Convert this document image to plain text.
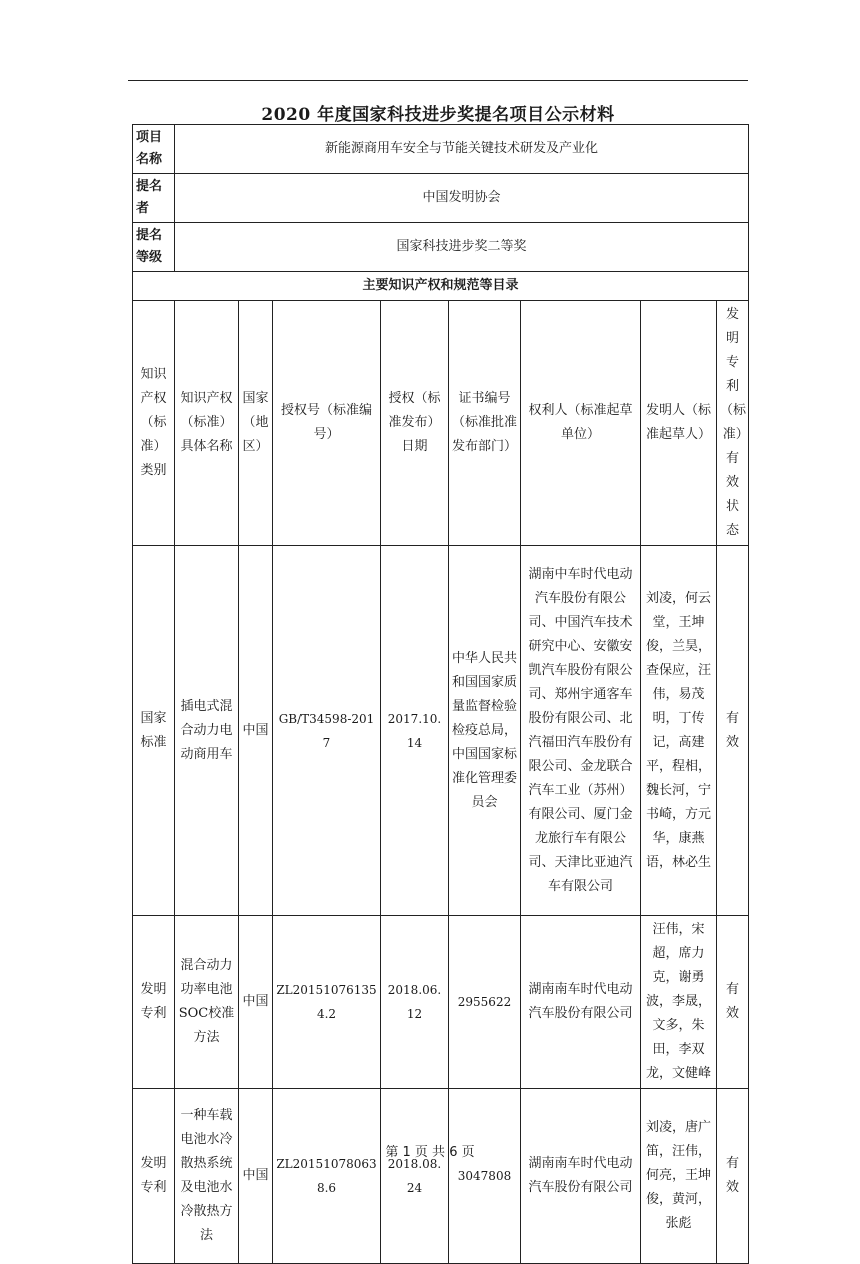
2020 年度国家科技进步奖提名项目公示材料
项目名称	新能源商用车安全与节能关键技术研发及产业化							
提名者	中国发明协会							
提名等级	国家科技进步奖二等奖							
主要知识产权和规范等目录								
知识产权（标准）类别	知识产权（标准）具体名称	国家（地区）	授权号（标准编号）	授权（标准发布）日期	证书编号（标准批准发布部门）	权利人（标准起草单位）	发明人（标准起草人）	发明专利（标准）有效状态
国家标准	插电式混合动力电动商用车	中国	GB/T34598-2017	2017.10.14	中华人民共和国国家质量监督检验检疫总局，中国国家标准化管理委员会	湖南中车时代电动汽车股份有限公司、中国汽车技术研究中心、安徽安凯汽车股份有限公司、郑州宇通客车股份有限公司、北汽福田汽车股份有限公司、金龙联合汽车工业（苏州）有限公司、厦门金龙旅行车有限公司、天津比亚迪汽车有限公司	刘凌，何云堂，王坤俊，兰昊，查保应，汪伟，易茂明，丁传记，高建平，程相，魏长河，宁书崎，方元华，康燕语，林必生	有效
发明专利	混合动力功率电池SOC校准方法	中国	ZL201510761354.2	2018.06.12	2955622	湖南南车时代电动汽车股份有限公司	汪伟，宋超，席力克，谢勇波，李晟，文多，朱田，李双龙，文健峰	有效
发明专利	一种车载电池水冷散热系统及电池水冷散热方法	中国	ZL201510780638.6	2018.08.24	3047808	湖南南车时代电动汽车股份有限公司	刘凌，唐广笛，汪伟，何亮，王坤俊，黄河，张彪	有效
第 1 页 共 6 页
